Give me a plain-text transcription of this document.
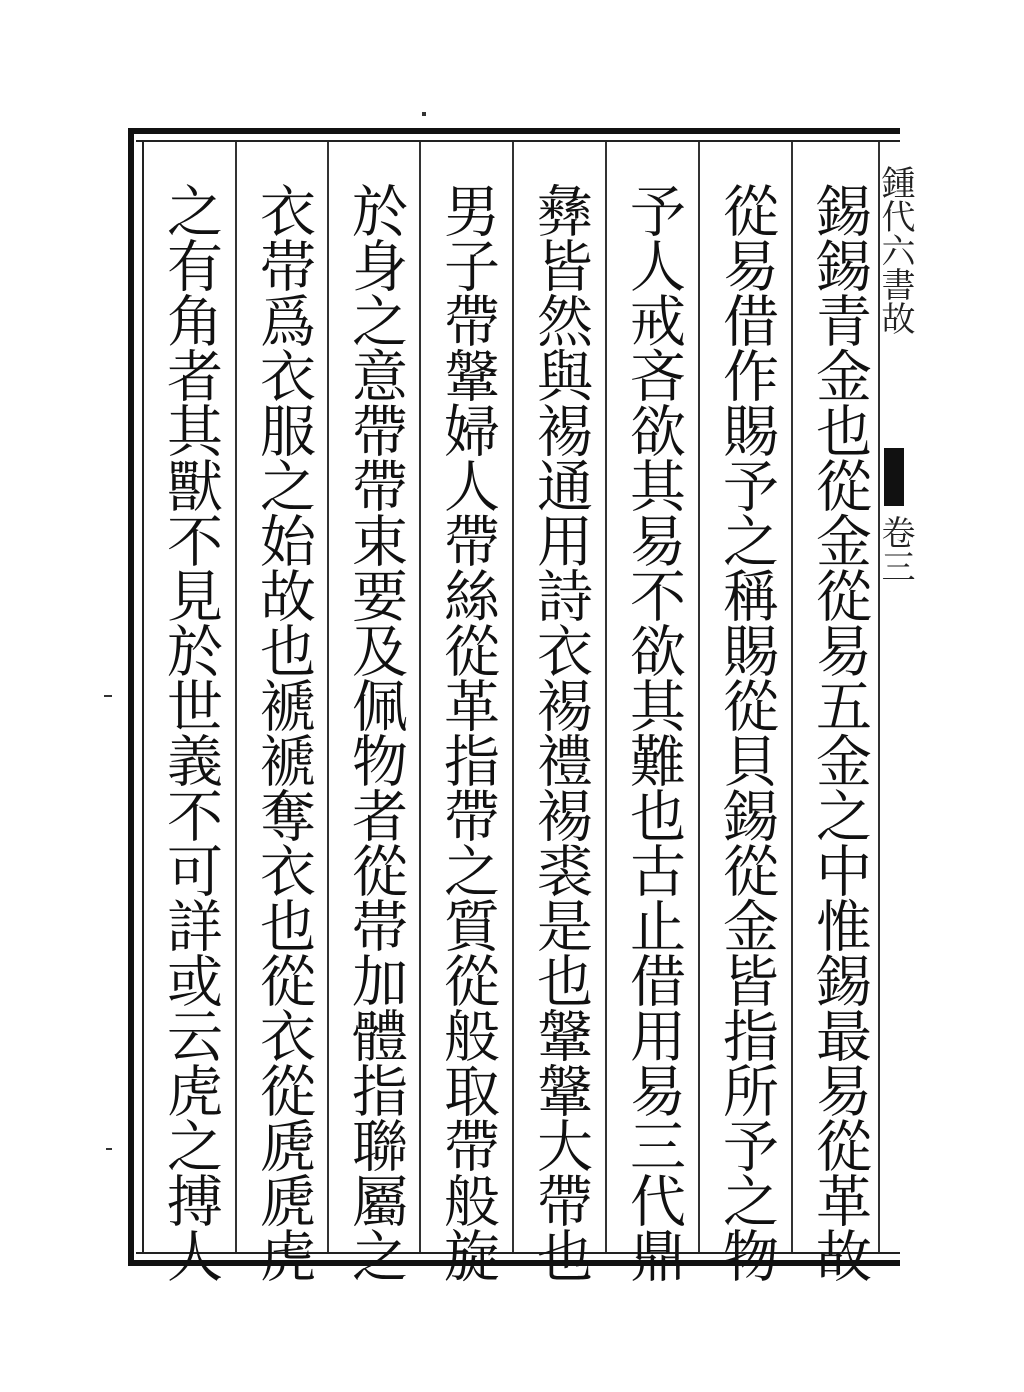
錫錫青金也從金從易五金之中惟錫最易從革故
從易借作賜予之稱賜從貝錫從金皆指所予之物
予人戒吝欲其易不欲其難也古止借用易三代鼎
彝皆然與裼通用詩衣裼禮裼裘是也鞶鞶大帶也
男子帶鞶婦人帶絲從革指帶之質從般取帶般旋
於身之意帶帶束要及佩物者從帯加體指聯屬之
衣帯爲衣服之始故也褫褫奪衣也從衣從虒虒虎
之有角者其獸不見於世義不可詳或云虎之搏人	鍾代六書故
卷三
